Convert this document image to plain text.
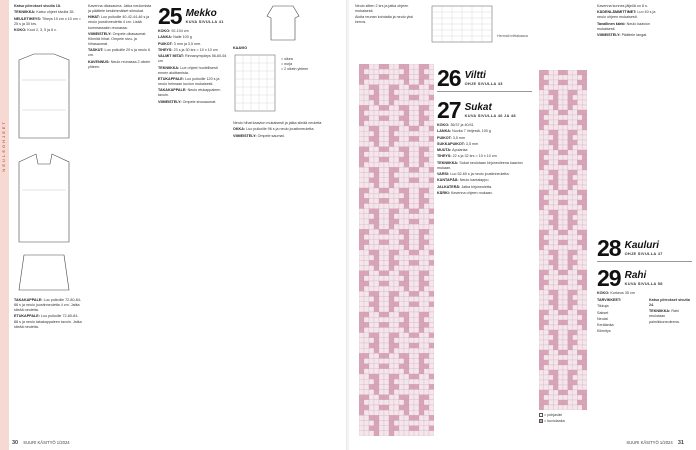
NEULEOHJEET

Katso piirrokset sivulta 18.

TEKNIIKKA: Katso ohjeet sivulta 35.

NEULETIHEYS: Tiheys 10 cm x 10 cm = 25 s ja 30 krs.

KOKO: Koot 2, 3, 5 ja 6 v.

TAKAKAPPALE: Luo puikoille 72-80-84-88 s ja neulo joustinneuletta 4 cm. Jatka sileää neuletta.

ETUKAPPALE: Luo puikoille 72-80-84-88 s ja neulo takakappaleen tavoin. Jatka sileää neuletta.

Kavenna olkasauma. Jatka neulomista ja päättele keskimmäiset silmukat.

HIHAT: Luo puikoille 40-42-44-46 s ja neulo joustinneuletta 4 cm. Lisää kummassakin reunassa.

VIIMEISTELY: Ompele olkasaumat. Kiinnitä hihat. Ompele sivu- ja hihasaumat.

TASKUT: Luo puikoille 20 s ja neulo 6 cm.

KAVENNUS: Neulo reunassa 2 oikein yhteen.

25 Mekko
KUVA SIVULLA 41

KOKO: 92-104 cm

LANKA: Nalle 100 g

PUIKOT: 3 mm ja 3,5 mm.

TIHEYS: 23 s ja 30 krs = 10 x 10 cm

VALMIT MITAT: Rinnanympärys 56-60-64 cm

TEKNIIKKA: Lue ohjeet huolellisesti ennen aloittamista.

ETUKAPPALE: Luo puikoille 120 s ja neulo helmaan kuvion mukaisesti.

TAKAKAPPALE: Neulo etukappaleen tavoin.

VIIMEISTELY: Ompele sivusaumat.

KAAVIO
= oikea
= nurja
= 2 oikein yhteen

Neulo hihat kaavion mukaisesti ja jatka sileää neuletta.

OKKA: Luo puikoille 96 s ja neulo joustinneuletta.

VIIMEISTELY: Ompele saumat.

30 SUURI KÄSITYÖ 1/2024

Neulo sitten 2 krs ja jatka ohjeen mukaisesti.

Aloita reunan kohdalta ja neulo yksi kerros.

Hermali mittakaava
26 Viltti
OHJE SIVULLA 43
27 Sukat
KUVA SIVULLA 46 JA 48

KOKO: 36/37 ja 40/41

LANKA: Novita 7 Veljestä, 100 g

PUIKOT: 3,5 mm

SUKKAPUIKOT: 3,5 mm

MUUTA: Apulanka

TIHEYS: 22 s ja 32 krs = 10 x 10 cm

TEKNIIKKA: Sukat neulotaan kirjoneuleena kaavion mukaan.

VARSI: Luo 52-60 s ja neulo joustinneuletta.

KANTAPÄÄ: Neulo kantalappu.

JALKATERÄ: Jatka kirjoneuletta.

KÄRKI: Kavenna ohjeen mukaan.

= pohjaväri

= kuviolanka

Kavenna kunnes jäljellä on 8 s.

KÄDENLÄMMITTIMET: Luo 40 s ja neulo ohjeen mukaisesti.

Tavallinen kärki: Neulo kaavion mukaisesti.

VIIMEISTELY: Päättele langat.

28 Kauluri
OHJE SIVULLA 47
29 Rahi
KUVA SIVULLA 58

KOKO: Korkeus 35 cm

TARVIKKEET:

Tikkuja

Sakset

Neulat

Kerälanka

Kiinnitys

Katso piirrokset sivulta 24.

TEKNIIKKA: Rahi neulotaan palmikkoneuleena.

SUURI KÄSITYÖ 1/2024 31
